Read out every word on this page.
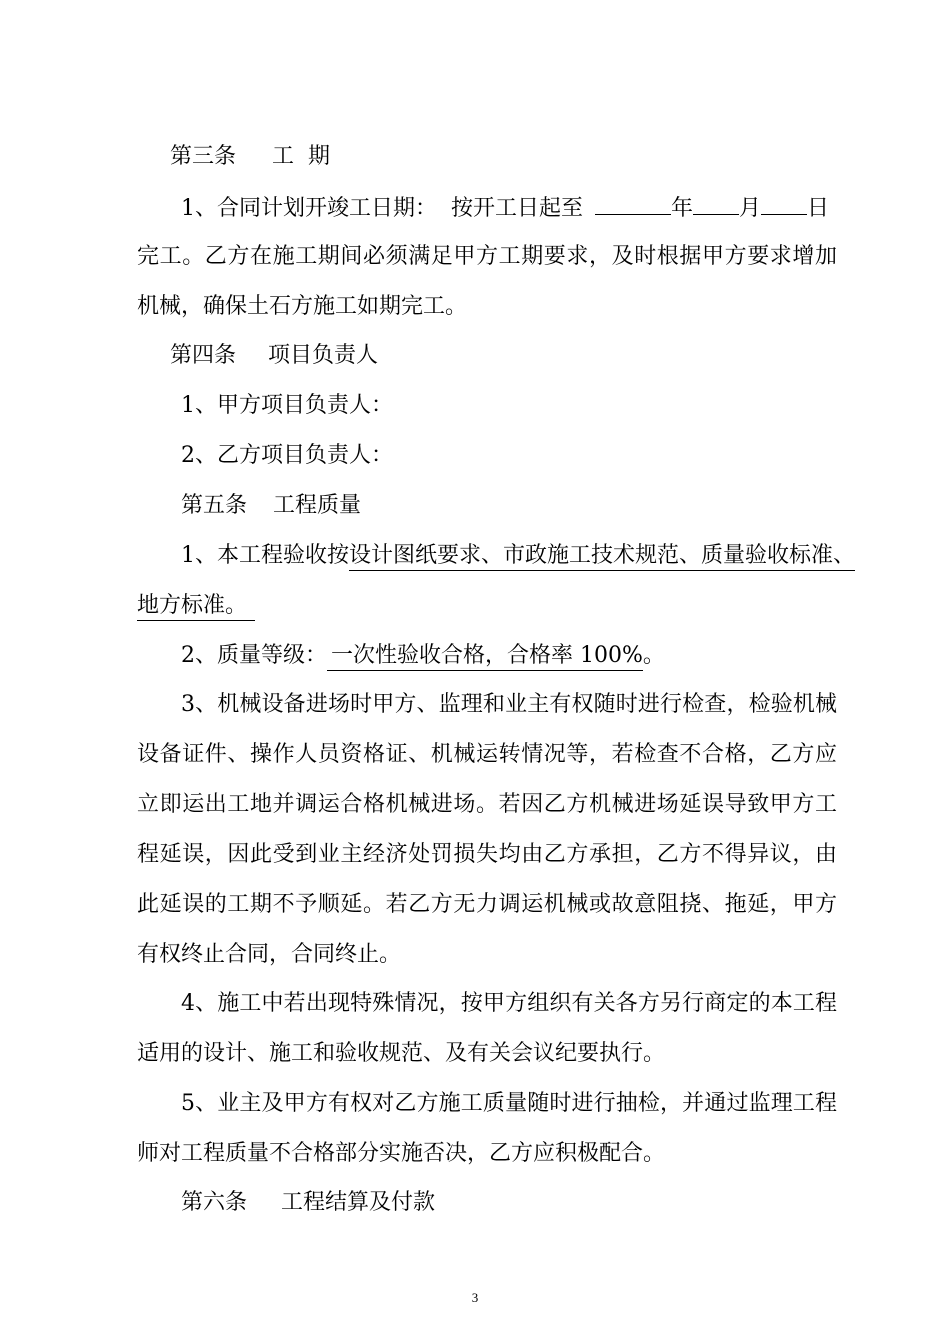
第三条 工  期
1、合同计划开竣工日期：  按开工日起至	年 月 日
完工。乙方在施工期间必须满足甲方工期要求，及时根据甲方要求增加
机械，确保土石方施工如期完工。
第四条 项目负责人
1、甲方项目负责人：
2、乙方项目负责人：
第五条 工程质量
1、本工程验收按设计图纸要求、市政施工技术规范、质量验收标准、
地方标准。
2、质量等级： 一次性验收合格，合格率 100%。
3、机械设备进场时甲方、监理和业主有权随时进行检查，检验机械
设备证件、操作人员资格证、机械运转情况等，若检查不合格，乙方应
立即运出工地并调运合格机械进场。若因乙方机械进场延误导致甲方工
程延误，因此受到业主经济处罚损失均由乙方承担，乙方不得异议，由
此延误的工期不予顺延。若乙方无力调运机械或故意阻挠、拖延，甲方
有权终止合同，合同终止。
4、施工中若出现特殊情况，按甲方组织有关各方另行商定的本工程
适用的设计、施工和验收规范、及有关会议纪要执行。
5、业主及甲方有权对乙方施工质量随时进行抽检，并通过监理工程
师对工程质量不合格部分实施否决，乙方应积极配合。
第六条 工程结算及付款
3
